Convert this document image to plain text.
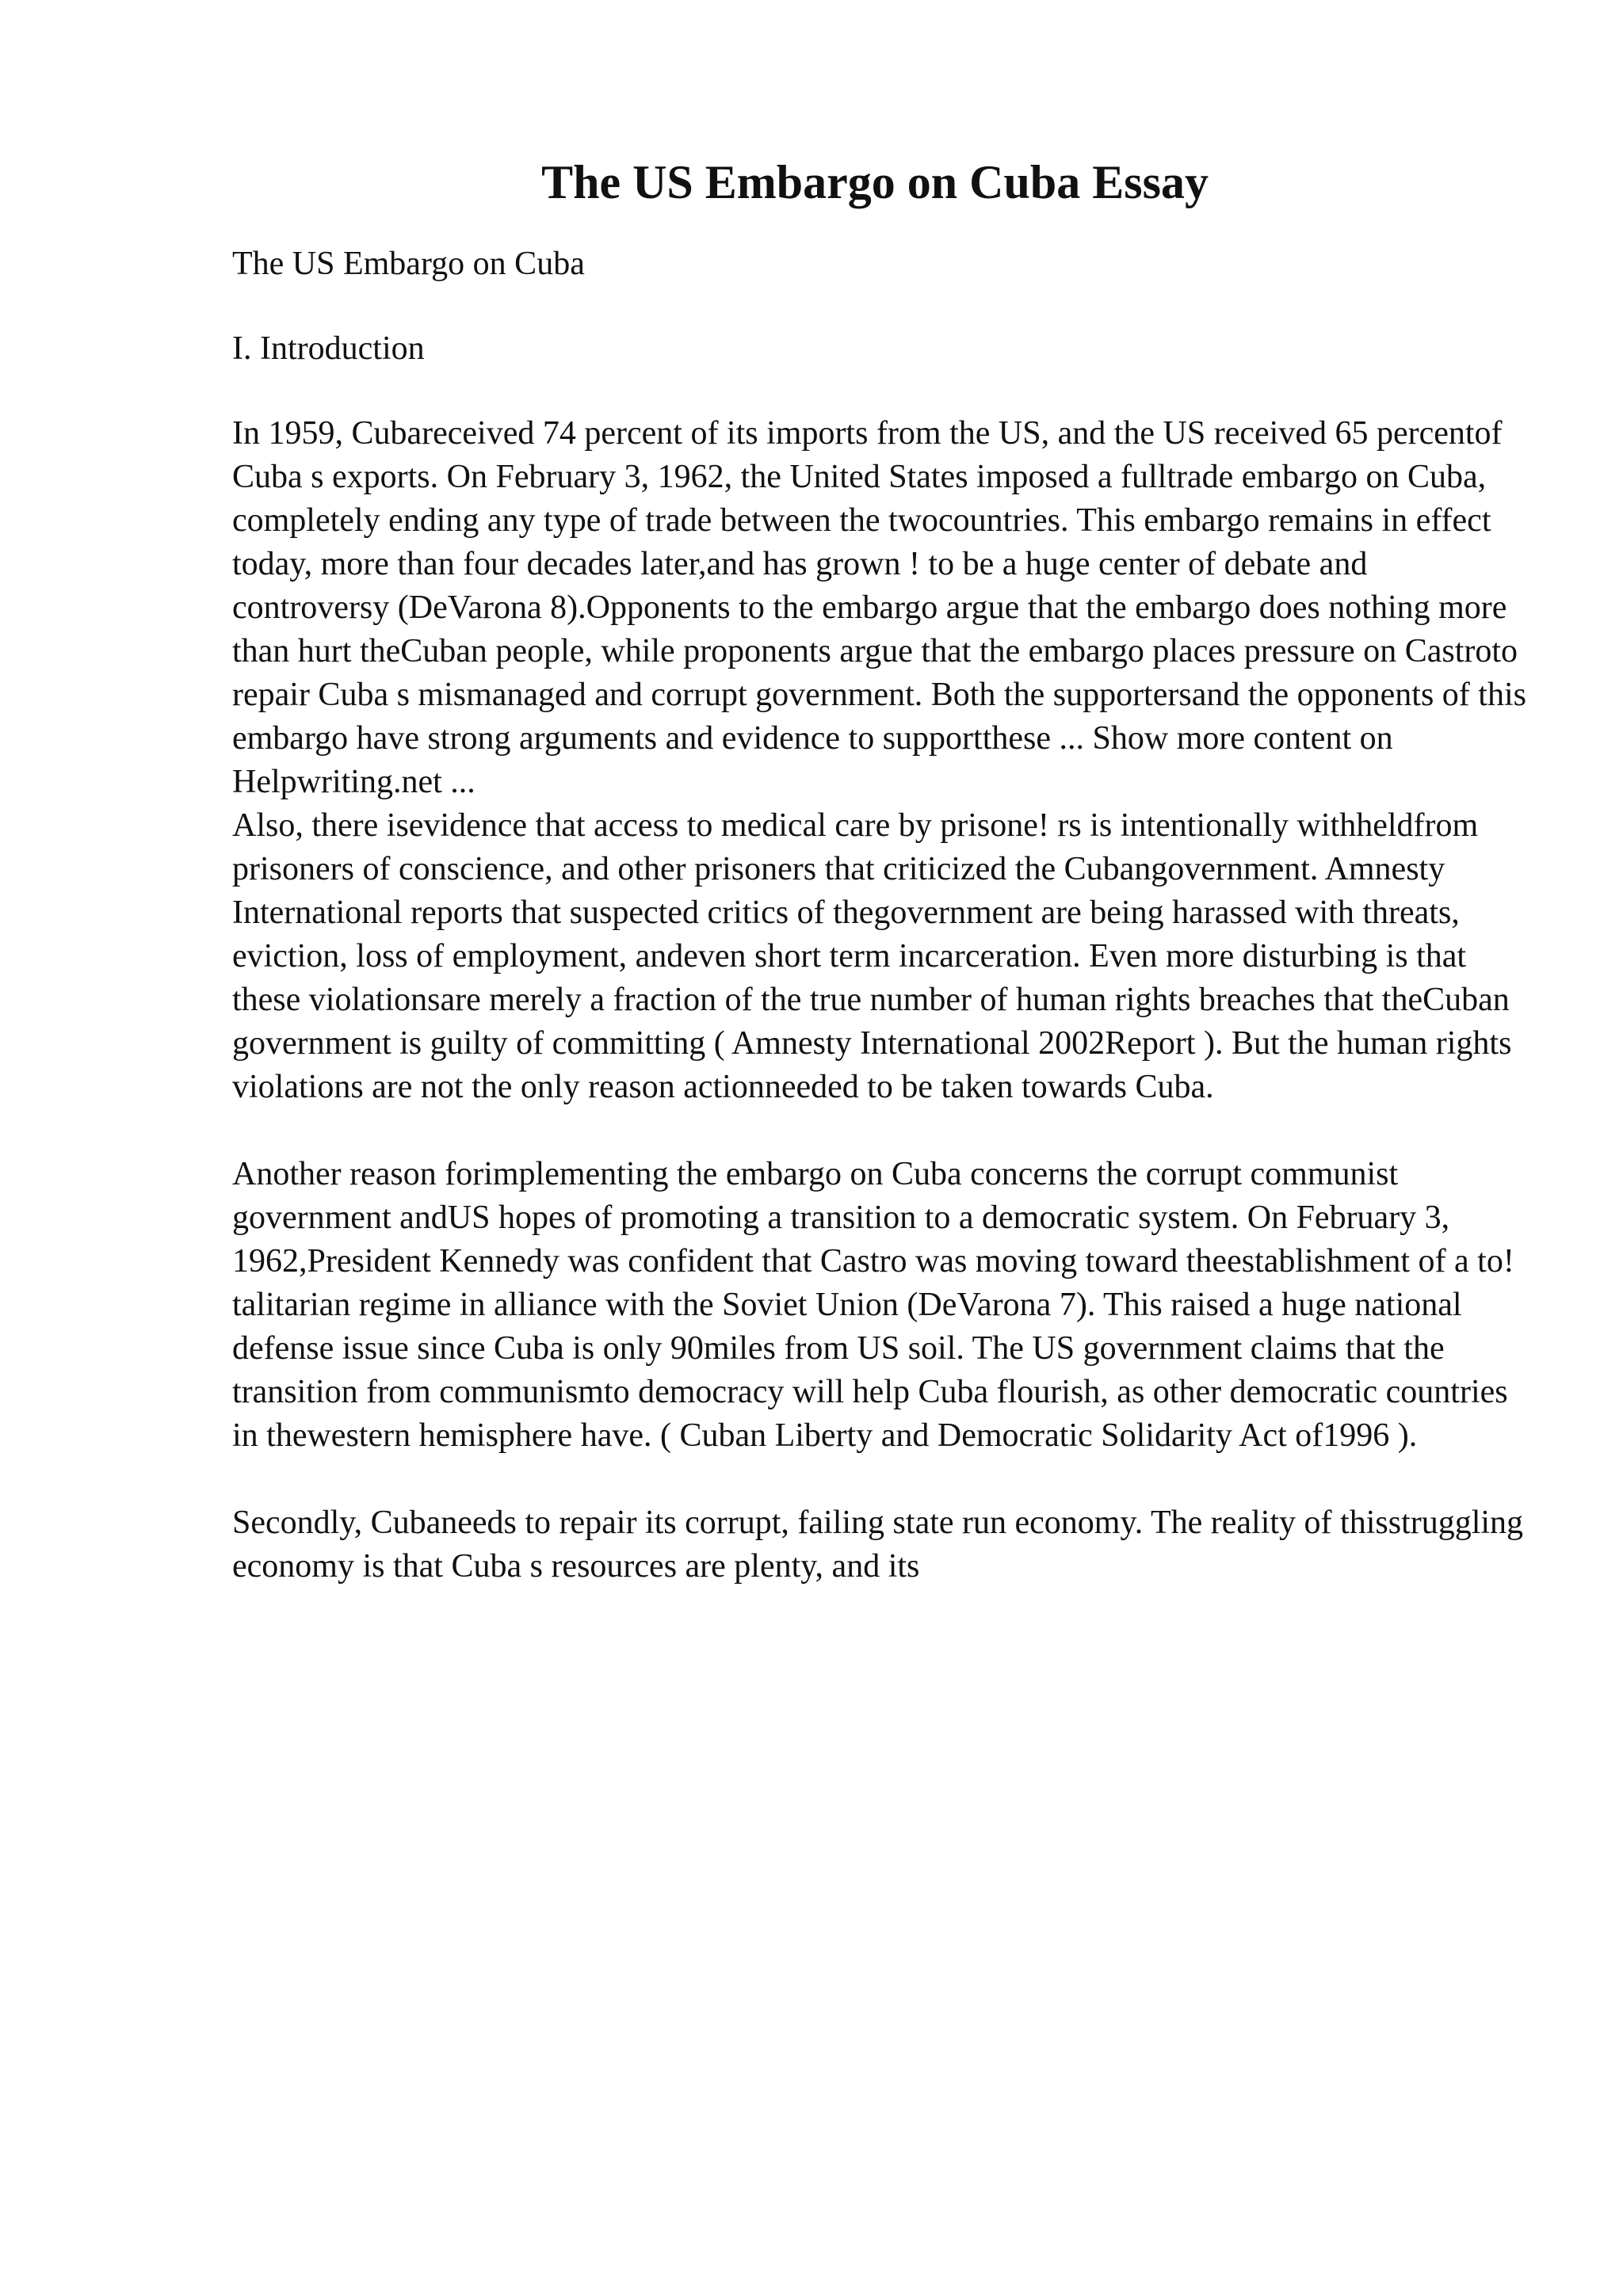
The US Embargo on Cuba Essay

The US Embargo on Cuba

I. Introduction

In 1959, Cubareceived 74 percent of its imports from the US, and the US received 65 percentof Cuba s exports. On February 3, 1962, the United States imposed a fulltrade embargo on Cuba, completely ending any type of trade between the twocountries. This embargo remains in effect today, more than four decades later,and has grown ! to be a huge center of debate and controversy (DeVarona 8).Opponents to the embargo argue that the embargo does nothing more than hurt theCuban people, while proponents argue that the embargo places pressure on Castroto repair Cuba s mismanaged and corrupt government. Both the supportersand the opponents of this embargo have strong arguments and evidence to supportthese ... Show more content on Helpwriting.net ...

Also, there isevidence that access to medical care by prisone! rs is intentionally withheldfrom prisoners of conscience, and other prisoners that criticized the Cubangovernment. Amnesty International reports that suspected critics of thegovernment are being harassed with threats, eviction, loss of employment, andeven short term incarceration. Even more disturbing is that these violationsare merely a fraction of the true number of human rights breaches that theCuban government is guilty of committing ( Amnesty International 2002Report ). But the human rights violations are not the only reason actionneeded to be taken towards Cuba.

Another reason forimplementing the embargo on Cuba concerns the corrupt communist government andUS hopes of promoting a transition to a democratic system. On February 3, 1962,President Kennedy was confident that Castro was moving toward theestablishment of a to! talitarian regime in alliance with the Soviet Union (DeVarona 7). This raised a huge national defense issue since Cuba is only 90miles from US soil. The US government claims that the transition from communismto democracy will help Cuba flourish, as other democratic countries in thewestern hemisphere have. ( Cuban Liberty and Democratic Solidarity Act of1996 ).

Secondly, Cubaneeds to repair its corrupt, failing state run economy. The reality of thisstruggling economy is that Cuba s resources are plenty, and its
